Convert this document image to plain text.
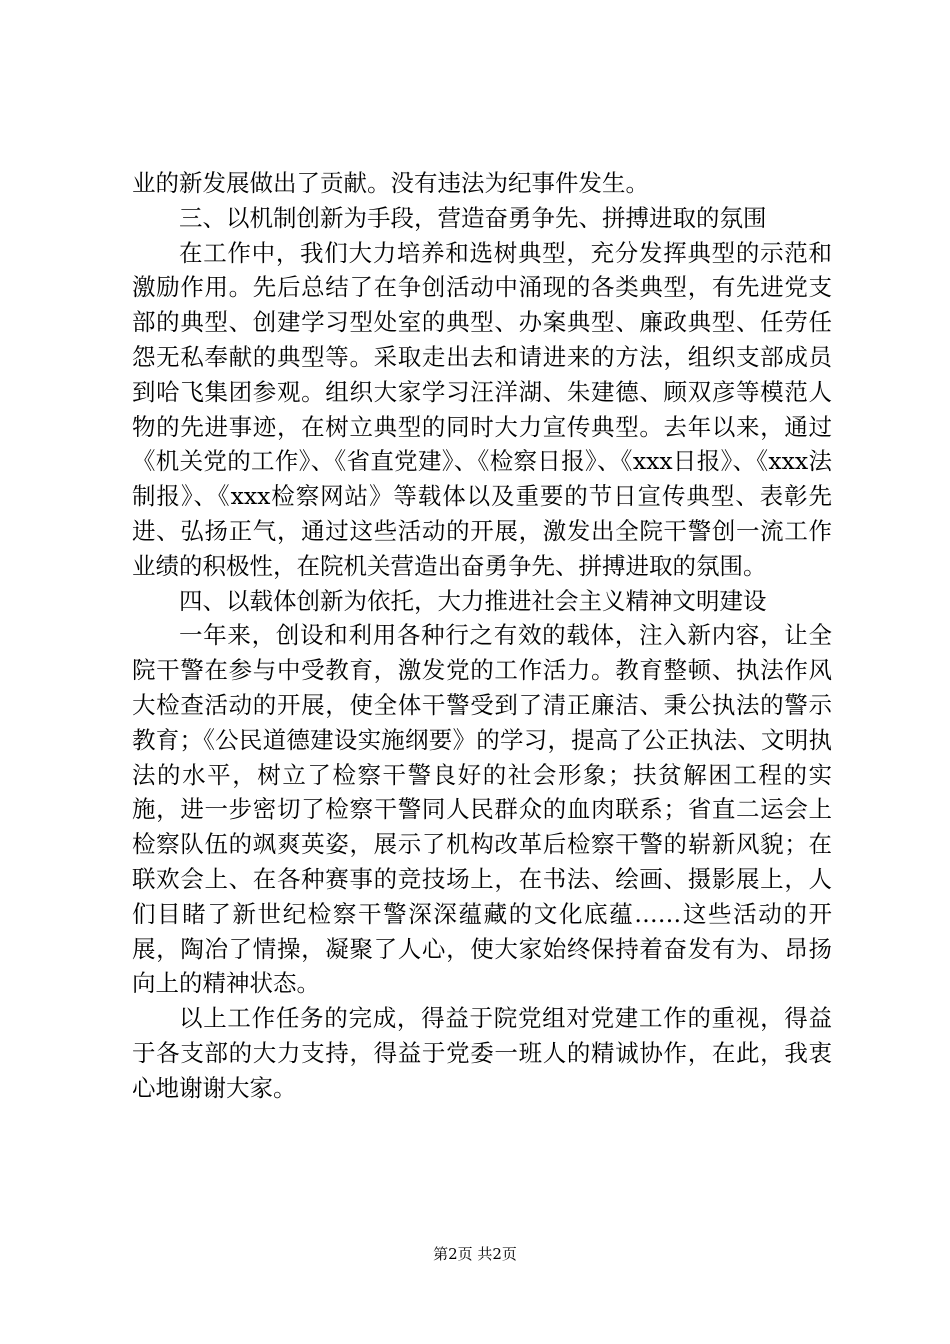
业的新发展做出了贡献。没有违法为纪事件发生。

三、以机制创新为手段，营造奋勇争先、拼搏进取的氛围

在工作中，我们大力培养和选树典型，充分发挥典型的示范和激励作用。先后总结了在争创活动中涌现的各类典型，有先进党支部的典型、创建学习型处室的典型、办案典型、廉政典型、任劳任怨无私奉献的典型等。采取走出去和请进来的方法，组织支部成员到哈飞集团参观。组织大家学习汪洋湖、朱建德、顾双彦等模范人物的先进事迹，在树立典型的同时大力宣传典型。去年以来，通过《机关党的工作》、《省直党建》、《检察日报》、《xxx日报》、《xxx法制报》、《xxx检察网站》等载体以及重要的节日宣传典型、表彰先进、弘扬正气，通过这些活动的开展，激发出全院干警创一流工作业绩的积极性，在院机关营造出奋勇争先、拼搏进取的氛围。

四、以载体创新为依托，大力推进社会主义精神文明建设

一年来，创设和利用各种行之有效的载体，注入新内容，让全院干警在参与中受教育，激发党的工作活力。教育整顿、执法作风大检查活动的开展，使全体干警受到了清正廉洁、秉公执法的警示教育；《公民道德建设实施纲要》的学习，提高了公正执法、文明执法的水平，树立了检察干警良好的社会形象；扶贫解困工程的实施，进一步密切了检察干警同人民群众的血肉联系；省直二运会上检察队伍的飒爽英姿，展示了机构改革后检察干警的崭新风貌；在联欢会上、在各种赛事的竞技场上，在书法、绘画、摄影展上，人们目睹了新世纪检察干警深深蕴藏的文化底蕴……这些活动的开展，陶冶了情操，凝聚了人心，使大家始终保持着奋发有为、昂扬向上的精神状态。

以上工作任务的完成，得益于院党组对党建工作的重视，得益于各支部的大力支持，得益于党委一班人的精诚协作，在此，我衷心地谢谢大家。

第2页 共2页
